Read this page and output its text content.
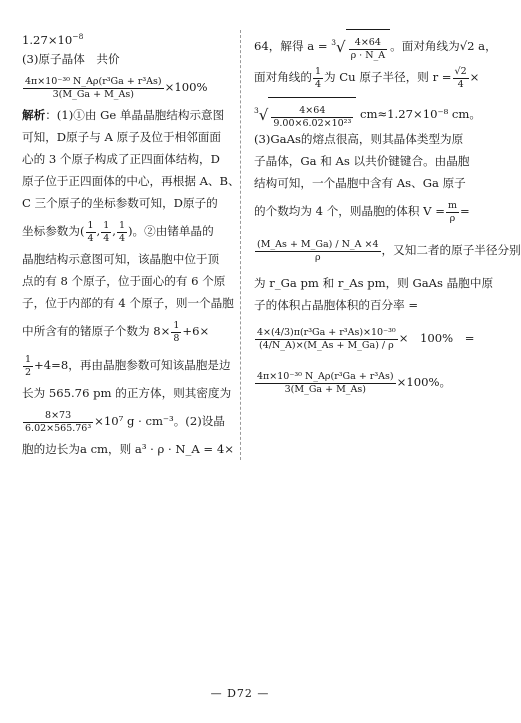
$1.27\times 10^{-8}$
(3)原子晶体　共价
$\frac{\text{4π×10⁻³⁰ N\_Aρ(r³Ga + r³As)}}{3(M\_Ga + M\_As)} \times 100\%$
解析：(1)①由 Ge 单晶晶胞结构示意图
可知，D原子与 A 原子及位于相邻面面
心的 3 个原子构成了正四面体结构，D
原子位于正四面体的中心，再根据 A、B、
C 三个原子的坐标参数可知，D原子的
坐标参数为( $\frac{1}{4}$ , $\frac{1}{4}$ , $\frac{1}{4}$ )。②由锗单晶的
晶胞结构示意图可知，该晶胞中位于顶
点的有 8 个原子，位于面心的有 6 个原
子，位于内部的有 4 个原子，则一个晶胞
中所含有的锗原子个数为 $8\times \frac{1}{8} +6\times$
$\frac{1}{2} +4=8$，再由晶胞参数可知该晶胞是边
长为 565.76 pm 的正方体，则其密度为
$\frac{8\times 73}{\text{6.02×565.76³}} \times 10^7$ g · cm⁻³。(2)设晶
胞的边长为a cm，则 a³ · ρ · N_A = 4×
64，解得 $a = ^3√ \frac{4\times 64}{\rho \cdot N\_A}$ 。面对角线为√2 a，
面对角线的 $\frac{1}{4}$ 为 Cu 原子半径，则 $r = \frac{√2}{4}$ ×
$^3√ \frac{4\times 64}{\text{9.00×6.02×10²³}} cm\approx 1.27\times 10^{-8}$ cm。
(3)GaAs的熔点很高，则其晶体类型为原
子晶体，Ga 和 As 以共价键键合。由晶胞
结构可知，一个晶胞中含有 As、Ga 原子
的个数均为 4 个，则晶胞的体积 $V = \frac{m}{\rho}$ =
$\frac{(M\_As + M\_Ga) / N\_A \times 4}{\rho}$ ，又知二者的原子半径分别
为 r_Ga pm 和 r_As pm，则 GaAs 晶胞中原
子的体积占晶胞体积的百分率 =
$\frac{\text{4×(4/3)π(r³Ga + r³As)×10⁻³⁰}}{(4/N\_A)\times(M\_As + M\_Ga) / \rho}$ ×　100%　=
$\frac{\text{4π×10⁻³⁰ N\_Aρ(r³Ga + r³As)}}{3(M\_Ga + M\_As)} \times 100\%$。
— D72 —
